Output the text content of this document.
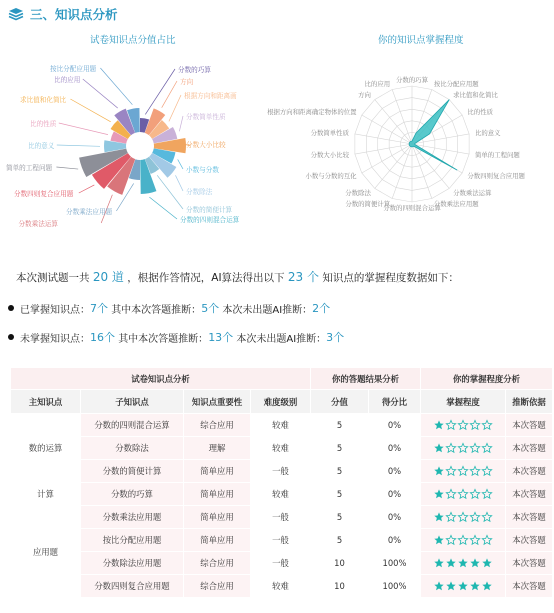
三、知识点分析
试卷知识点分值占比
分数的巧算
方向
根据方向和距离画
分数简单性质
分数大小比较
小数与分数
分数除法
分数的简便计算
分数的四则混合运算
分数乘法应用题
分数乘法运算
分数四则复合应用题
简单的工程问题
比的意义
比的性质
求比值和化简比
比的应用
按比分配应用题
你的知识点掌握程度
分数的巧算 按比分配应用题
求比值和化简比
比的性质
比的意义
简单的工程问题
分数四则复合应用题
分数乘法运算
分数乘法应用题
分数的四则混合运算
分数的简便计算
分数除法
小数与分数的互化
分数大小比较
分数简单性质
根据方向和距离确定物体的位置
方向
比的应用
本次测试题一共 20 道 ，根据作答情况，AI算法得出以下 23 个 知识点的掌握程度数据如下：
已掌握知识点： 7个
其中本次答题推断： 5个
本次未出题AI推断： 2个
未掌握知识点： 16个
其中本次答题推断： 13个
本次未出题AI推断： 3个
试卷知识点分析				你的答题结果分析		你的掌握程度分析	
主知识点	子知识点	知识点重要性	难度级别	分值	得分比	掌握程度	推断依据
数的运算	分数的四则混合运算	综合应用	较难	5	0%		本次答题
	分数除法	理解	较难	5	0%		本次答题
	分数的简便计算	简单应用	一般	5	0%		本次答题
计算	分数的巧算	简单应用	较难	5	0%		本次答题
应用题	分数乘法应用题	简单应用	一般	5	0%		本次答题
	按比分配应用题	简单应用	一般	5	0%		本次答题
	分数除法应用题	综合应用	一般	10	100%		本次答题
	分数四则复合应用题	综合应用	较难	10	100%		本次答题
